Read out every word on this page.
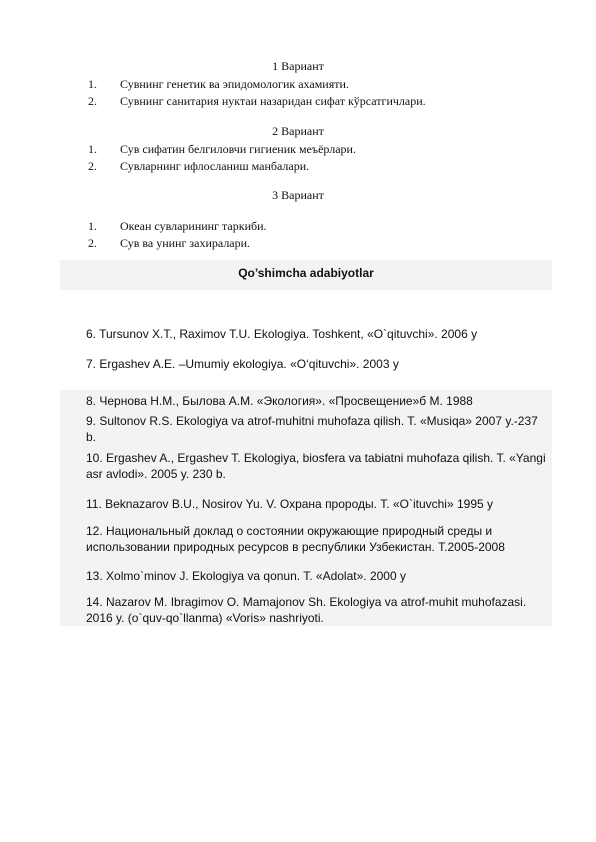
1 Вариант
1.	Сувнинг генетик ва эпидомологик ахамияти.
2.	Сувнинг санитария нуктаи назаридан сифат кўрсатгичлари.
2 Вариант
1.	Сув сифатин белгиловчи гигиеник меъёрлари.
2.	Сувларнинг ифлосланиш манбалари.
3 Вариант
1.	Океан сувларининг таркиби.
2.	Сув ва унинг захиралари.
Qo’shimcha adabiyotlar
6. Tursunov X.T., Raximov T.U. Ekologiya. Toshkent, «O`qituvchi». 2006 y
7. Ergashev A.E. –Umumiy ekologiya. «O‘qituvchi». 2003 y
8. Чернова Н.М., Былова А.М. «Экология». «Просвещение»б М. 1988
9. Sultonov R.S. Ekologiya va atrof-muhitni muhofaza qilish. T. «Musiqa» 2007 y.-237 b.
10. Ergashev A., Ergashev T. Ekologiya, biosfera va tabiatni muhofaza qilish. T. «Yangi asr avlodi». 2005 y. 230 b.
11. Beknazarov B.U., Nosirov Yu. V. Охрана пророды. T. «O`ituvchi» 1995 y
12. Национальный доклад о состоянии окружающие природный среды и использовании природных ресурсов в республики Узбекистан. Т.2005-2008
13. Xolmo`minov J. Ekologiya va qonun. T. «Adolat». 2000 y
14. Nazarov M. Ibragimov O. Mamajonov Sh. Ekologiya va atrof-muhit muhofazasi. 2016 y. (o`quv-qo`llanma) «Voris» nashriyoti.
